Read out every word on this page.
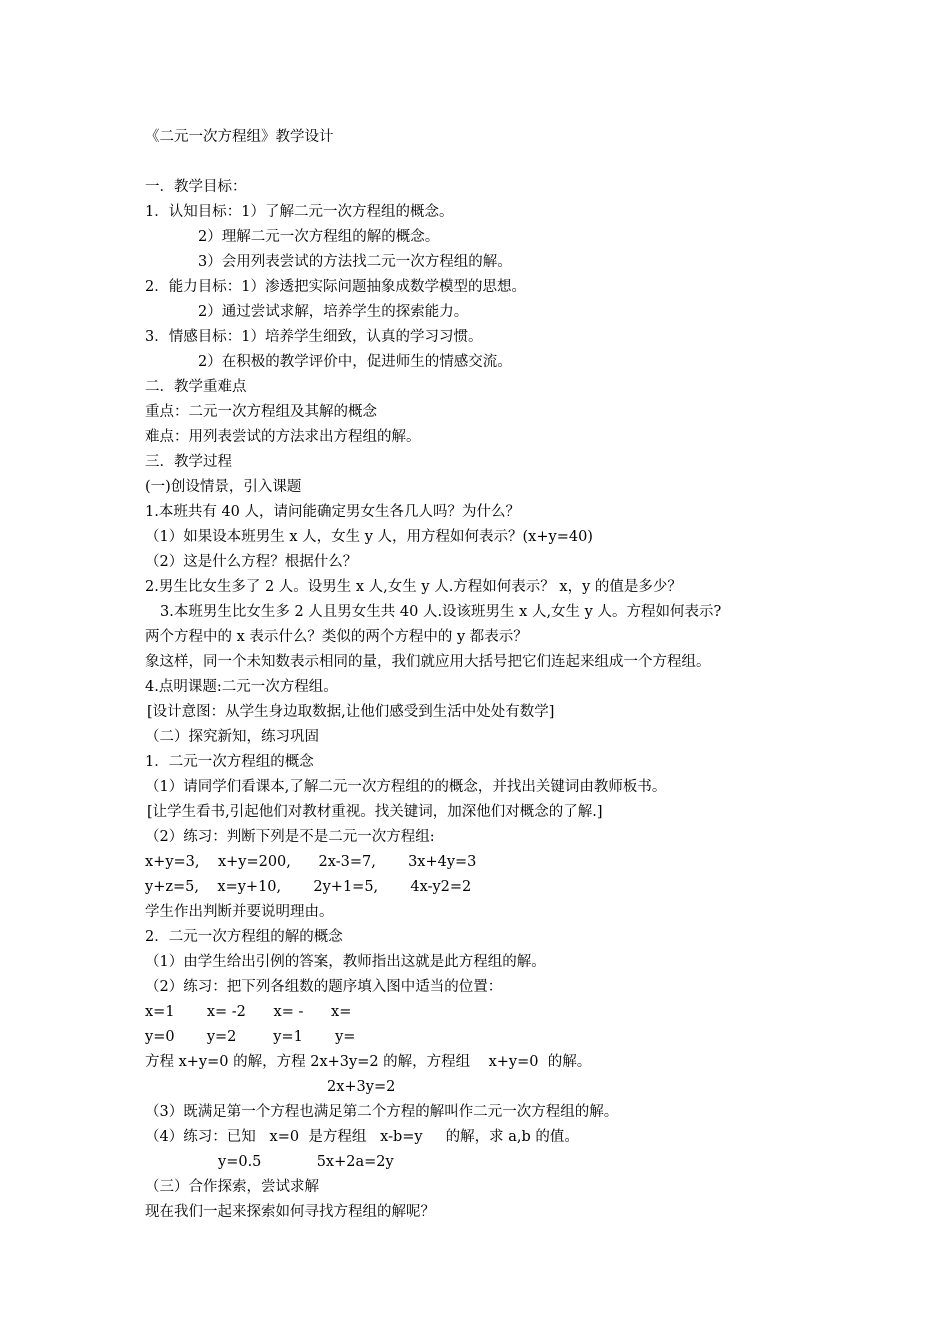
《二元一次方程组》教学设计
一．教学目标：
1．认知目标：1）了解二元一次方程组的概念。
2）理解二元一次方程组的解的概念。
3）会用列表尝试的方法找二元一次方程组的解。
2．能力目标：1）渗透把实际问题抽象成数学模型的思想。
2）通过尝试求解，培养学生的探索能力。
3．情感目标：1）培养学生细致，认真的学习习惯。
2）在积极的教学评价中，促进师生的情感交流。
二．教学重难点
重点：二元一次方程组及其解的概念
难点：用列表尝试的方法求出方程组的解。
三．教学过程
(一)创设情景，引入课题
1.本班共有 40 人，请问能确定男女生各几人吗？为什么？
（1）如果设本班男生 x 人，女生 y 人，用方程如何表示？(x+y=40)
（2）这是什么方程？根据什么？
2.男生比女生多了 2 人。设男生 x 人,女生 y 人.方程如何表示？ x，y 的值是多少？
3.本班男生比女生多 2 人且男女生共 40 人.设该班男生 x 人,女生 y 人。方程如何表示?
两个方程中的 x 表示什么？类似的两个方程中的 y 都表示？
象这样，同一个未知数表示相同的量，我们就应用大括号把它们连起来组成一个方程组。
4.点明课题:二元一次方程组。
[设计意图：从学生身边取数据,让他们感受到生活中处处有数学]
（二）探究新知，练习巩固
1．二元一次方程组的概念
（1）请同学们看课本,了解二元一次方程组的的概念，并找出关键词由教师板书。
[让学生看书,引起他们对教材重视。找关键词，加深他们对概念的了解.]
（2）练习：判断下列是不是二元一次方程组:
x+y=3,    x+y=200,      2x-3=7,       3x+4y=3
y+z=5,    x=y+10,       2y+1=5,       4x-y2=2
学生作出判断并要说明理由。
2．二元一次方程组的解的概念
（1）由学生给出引例的答案，教师指出这就是此方程组的解。
（2）练习：把下列各组数的题序填入图中适当的位置：
x=1       x= -2      x= -      x=
y=0       y=2        y=1       y=
方程 x+y=0 的解，方程 2x+3y=2 的解，方程组    x+y=0  的解。
2x+3y=2
（3）既满足第一个方程也满足第二个方程的解叫作二元一次方程组的解。
（4）练习：已知   x=0  是方程组   x-b=y     的解，求 a,b 的值。
y=0.5            5x+2a=2y
（三）合作探索，尝试求解
现在我们一起来探索如何寻找方程组的解呢？
